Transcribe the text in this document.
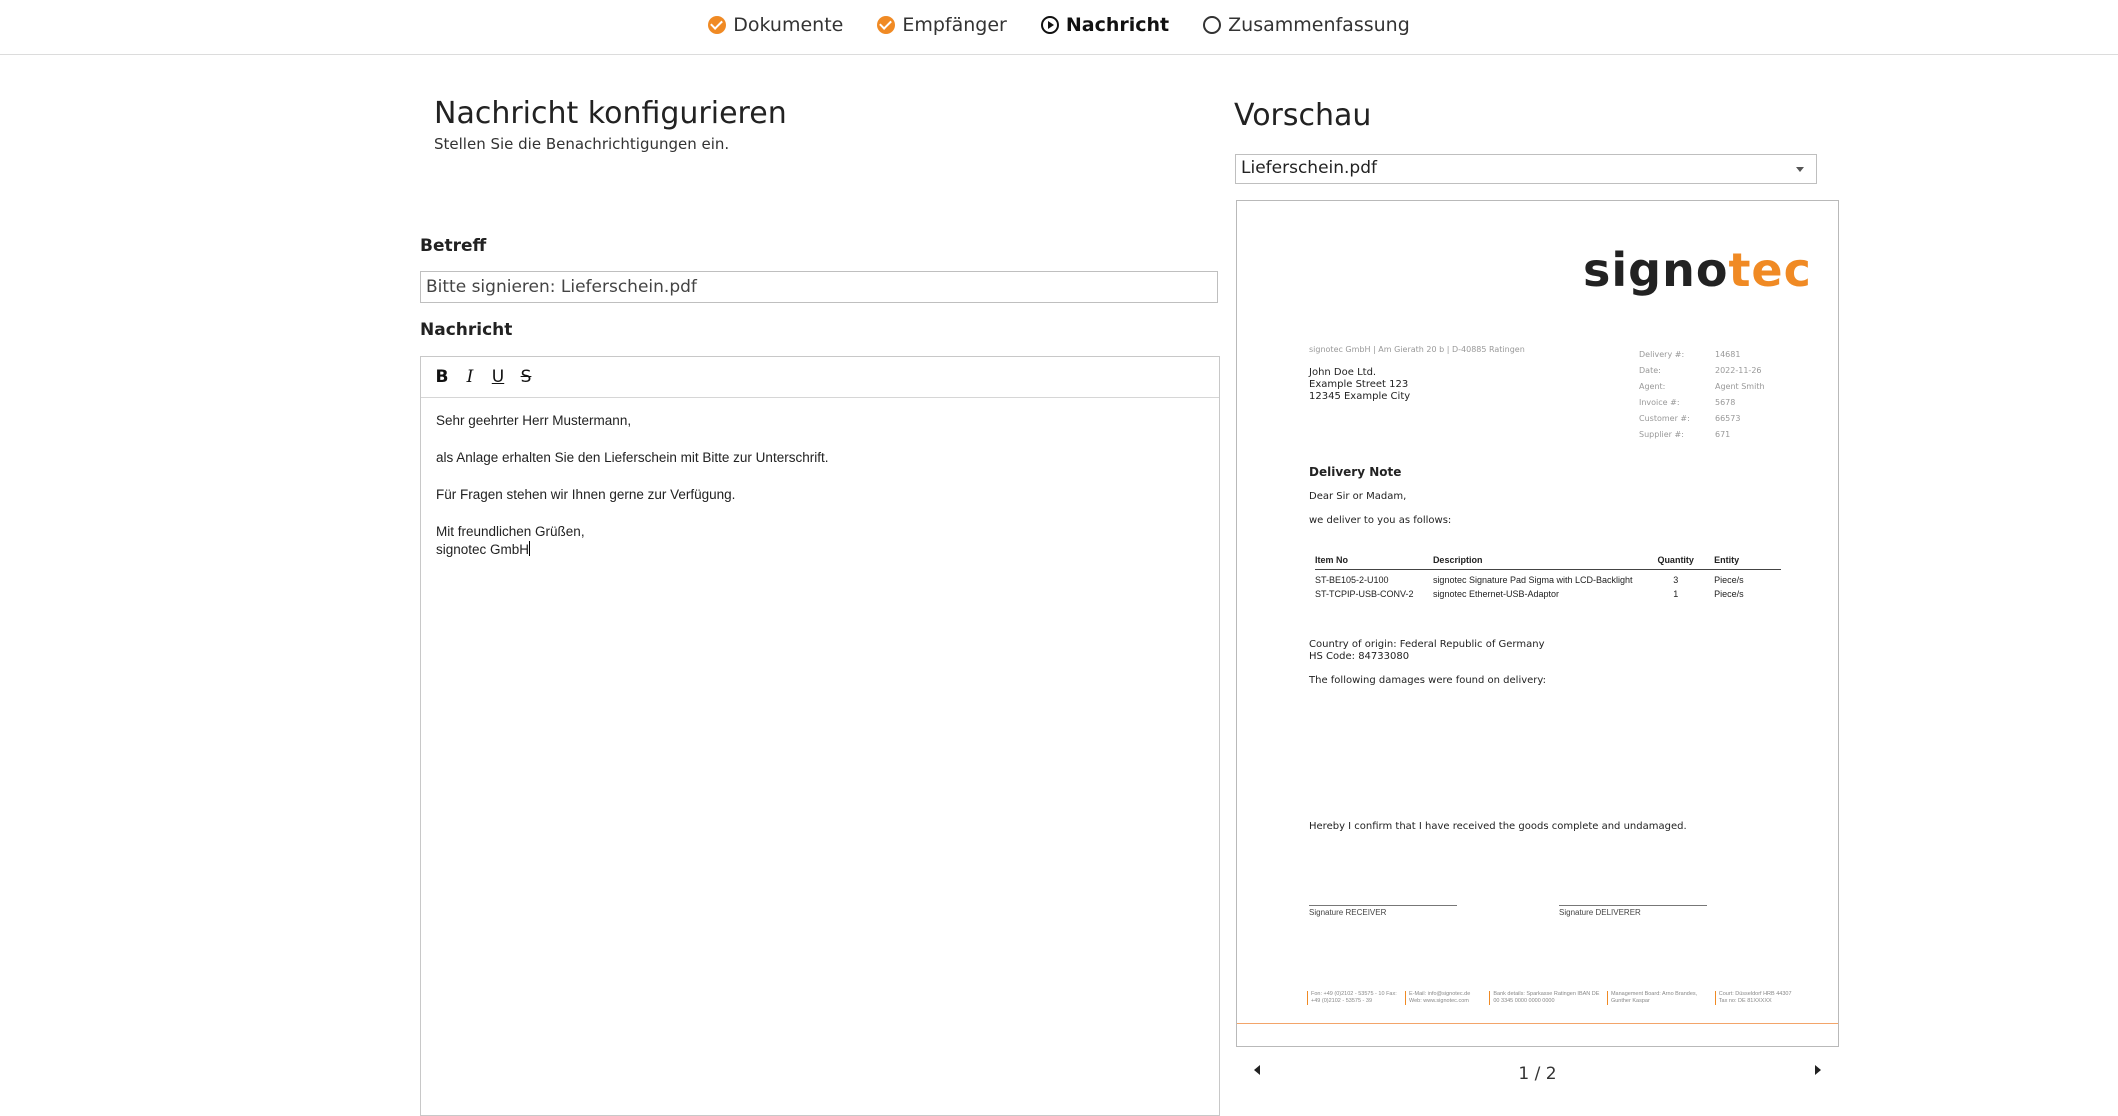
Dokumente	Empfänger	Nachricht	Zusammenfassung
Nachricht konfigurieren
Stellen Sie die Benachrichtigungen ein.
Betreff
Bitte signieren: Lieferschein.pdf
Nachricht
B	I	U S

Sehr geehrter Herr Mustermann,

als Anlage erhalten Sie den Lieferschein mit Bitte zur Unterschrift.

Für Fragen stehen wir Ihnen gerne zur Verfügung.

Mit freundlichen Grüßen,
signotec GmbH
Vorschau
Lieferschein.pdf
signotec
signotec GmbH | Am Gierath 20 b | D-40885 Ratingen
John Doe Ltd.
Example Street 123
12345 Example City
Delivery #:	14681
Date:	2022-11-26
Agent:	Agent Smith
Invoice #:	5678
Customer #:	66573
Supplier #:	671
Delivery Note
Dear Sir or Madam,
we deliver to you as follows:
Item No	Description	Quantity	Entity
ST-BE105-2-U100	signotec Signature Pad Sigma with LCD-Backlight	3	Piece/s
ST-TCPIP-USB-CONV-2	signotec Ethernet-USB-Adaptor	1	Piece/s
Country of origin: Federal Republic of Germany
HS Code: 84733080
The following damages were found on delivery:
Hereby I confirm that I have received the goods complete and undamaged.
Signature RECEIVER	Signature DELIVERER
Fon: +49 (0)2102 - 53575 - 10 Fax: +49 (0)2102 - 53575 - 39
E-Mail: info@signotec.de Web: www.signotec.com
Bank details: Sparkasse Ratingen IBAN DE 00 3345 0000 0000 0000
Management Board: Arno Brandes, Gunther Kaspar
Court: Düsseldorf HRB 44307 Tax no: DE 81XXXXX
1 / 2
